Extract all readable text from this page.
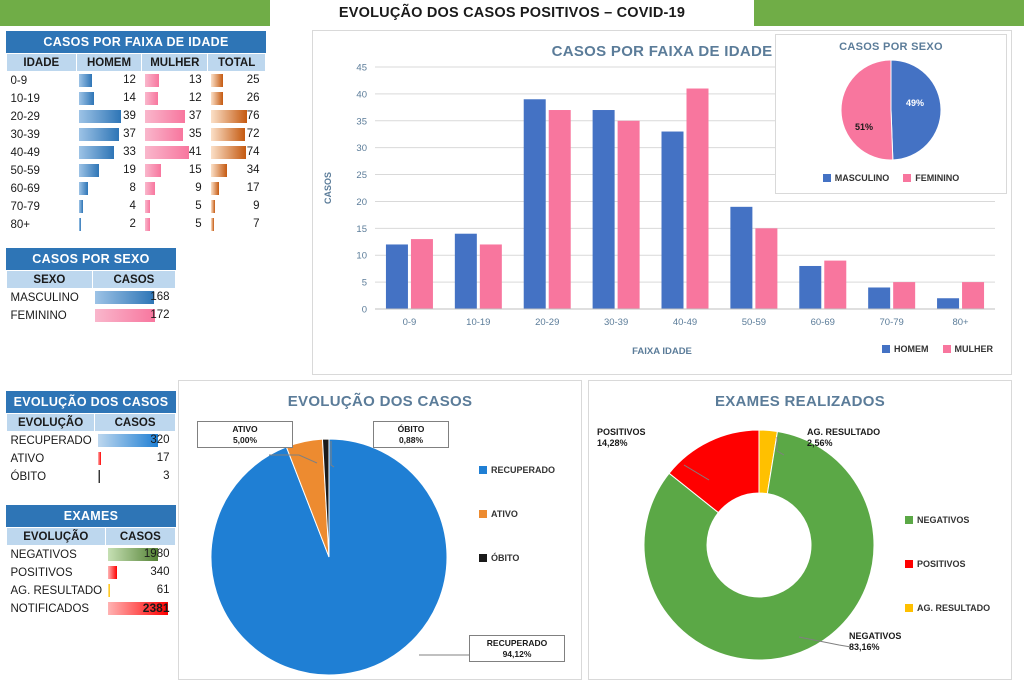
EVOLUÇÃO DOS CASOS POSITIVOS – COVID-19
CASOS POR FAIXA DE IDADE
IDADE	HOMEM	MULHER	TOTAL
0-9	12	13	25

10-19	14	12	26

20-29	39	37	76

30-39	37	35	72

40-49	33	41	74

50-59	19	15	34

60-69	8	9	17

70-79	4	5	9

80+	2	5	7
CASOS POR SEXO
SEXO	CASOS
MASCULINO	168

FEMININO	172
EVOLUÇÃO DOS CASOS
EVOLUÇÃO	CASOS
RECUPERADO	320

ATIVO	17

ÓBITO	3
EXAMES
EVOLUÇÃO	CASOS
NEGATIVOS	1980

POSITIVOS	340

AG. RESULTADO	61

NOTIFICADOS	2381
CASOS POR FAIXA DE IDADE
0
5
10
15
20
25
30
35
40
45
CASOS
0-9	10-19	20-29	30-39	40-49	50-59	60-69	70-79	80+
FAIXA IDADE	HOMEM	MULHER
CASOS POR SEXO
49%
51%
MASCULINO	FEMININO
EVOLUÇÃO DOS CASOS
ATIVO
5,00%
ÓBITO
0,88%
RECUPERADO
94,12%
RECUPERADO
ATIVO
ÓBITO
EXAMES REALIZADOS
POSITIVOS
14,28%
AG. RESULTADO
2,56%
NEGATIVOS
83,16%
NEGATIVOS
POSITIVOS
AG. RESULTADO
